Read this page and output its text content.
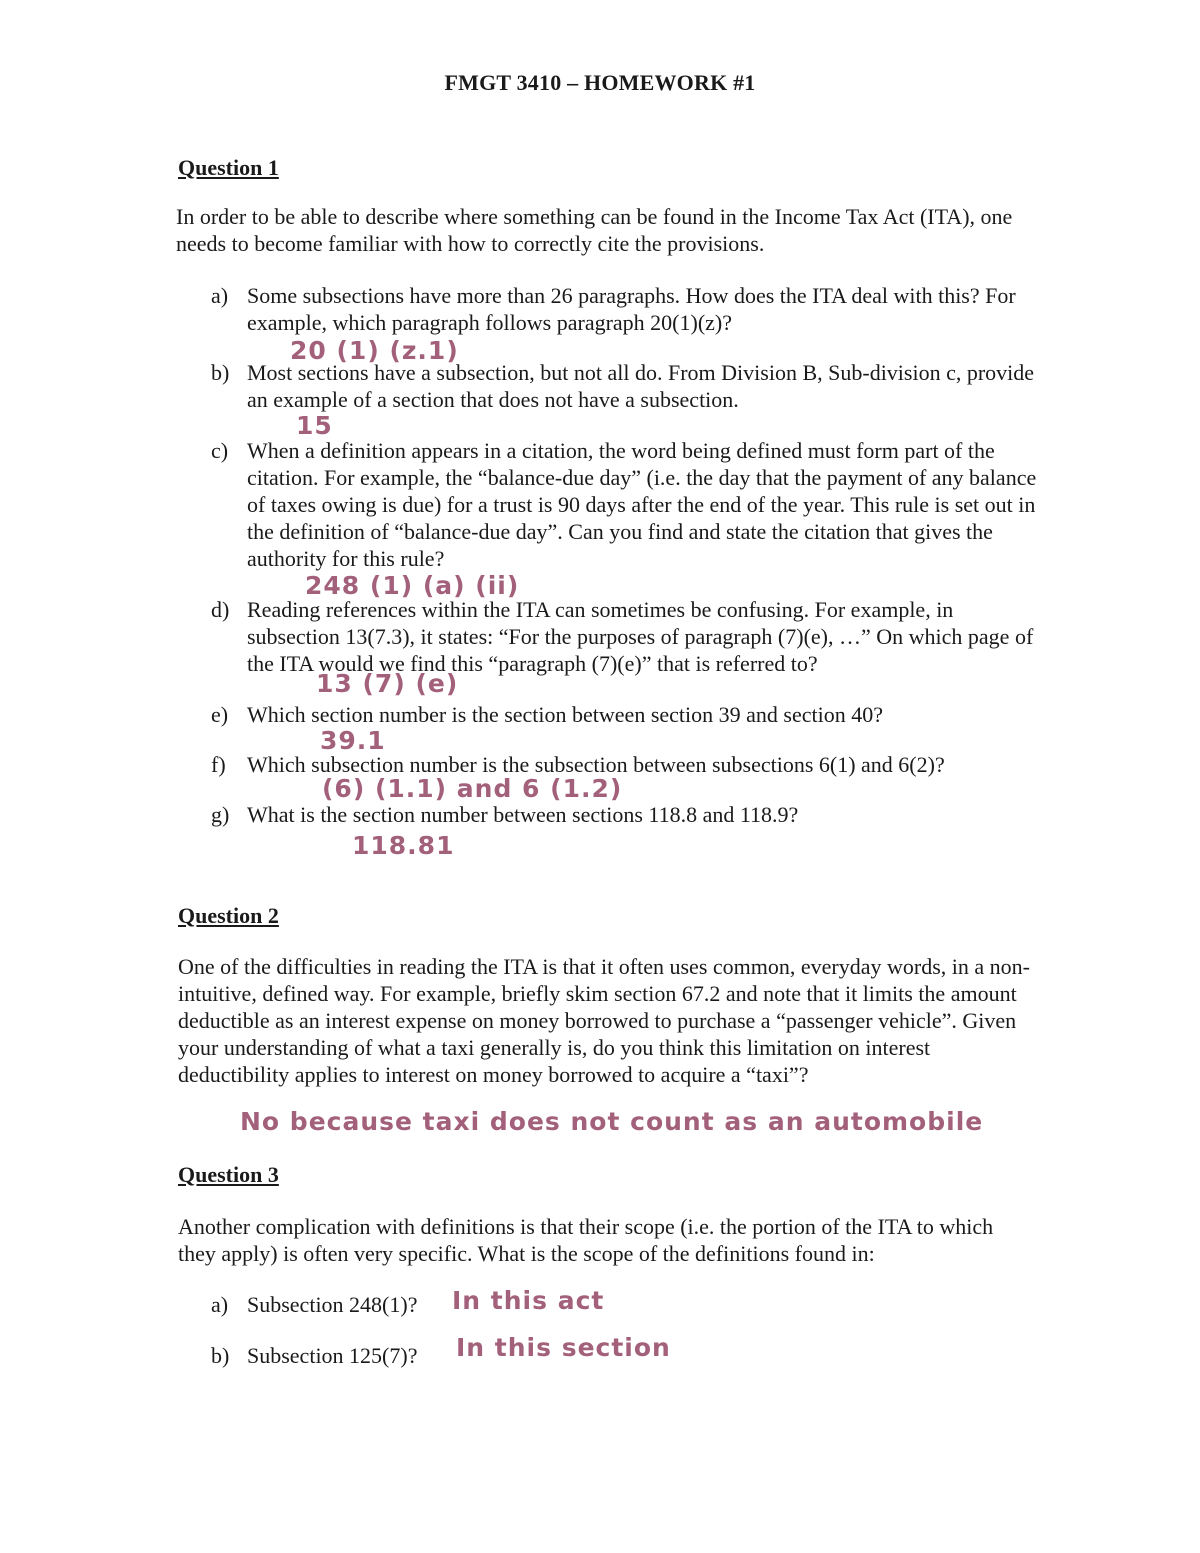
FMGT 3410 – HOMEWORK #1
Question 1
In order to be able to describe where something can be found in the Income Tax Act (ITA), one needs to become familiar with how to correctly cite the provisions.
a) Some subsections have more than 26 paragraphs. How does the ITA deal with this? For example, which paragraph follows paragraph 20(1)(z)?
20 (1) (z.1)
b) Most sections have a subsection, but not all do. From Division B, Sub-division c, provide an example of a section that does not have a subsection.
15
c) When a definition appears in a citation, the word being defined must form part of the citation. For example, the “balance-due day” (i.e. the day that the payment of any balance of taxes owing is due) for a trust is 90 days after the end of the year. This rule is set out in the definition of “balance-due day”. Can you find and state the citation that gives the authority for this rule?
248 (1) (a) (ii)
d) Reading references within the ITA can sometimes be confusing. For example, in subsection 13(7.3), it states: “For the purposes of paragraph (7)(e), …” On which page of the ITA would we find this “paragraph (7)(e)” that is referred to?
13 (7) (e)
e) Which section number is the section between section 39 and section 40?
39.1
f) Which subsection number is the subsection between subsections 6(1) and 6(2)?
(6) (1.1) and 6 (1.2)
g) What is the section number between sections 118.8 and 118.9?
118.81
Question 2
One of the difficulties in reading the ITA is that it often uses common, everyday words, in a non-intuitive, defined way. For example, briefly skim section 67.2 and note that it limits the amount deductible as an interest expense on money borrowed to purchase a “passenger vehicle”. Given your understanding of what a taxi generally is, do you think this limitation on interest deductibility applies to interest on money borrowed to acquire a “taxi”?
No because taxi does not count as an automobile
Question 3
Another complication with definitions is that their scope (i.e. the portion of the ITA to which they apply) is often very specific. What is the scope of the definitions found in:
a) Subsection 248(1)?	In this act
b) Subsection 125(7)?	In this section
